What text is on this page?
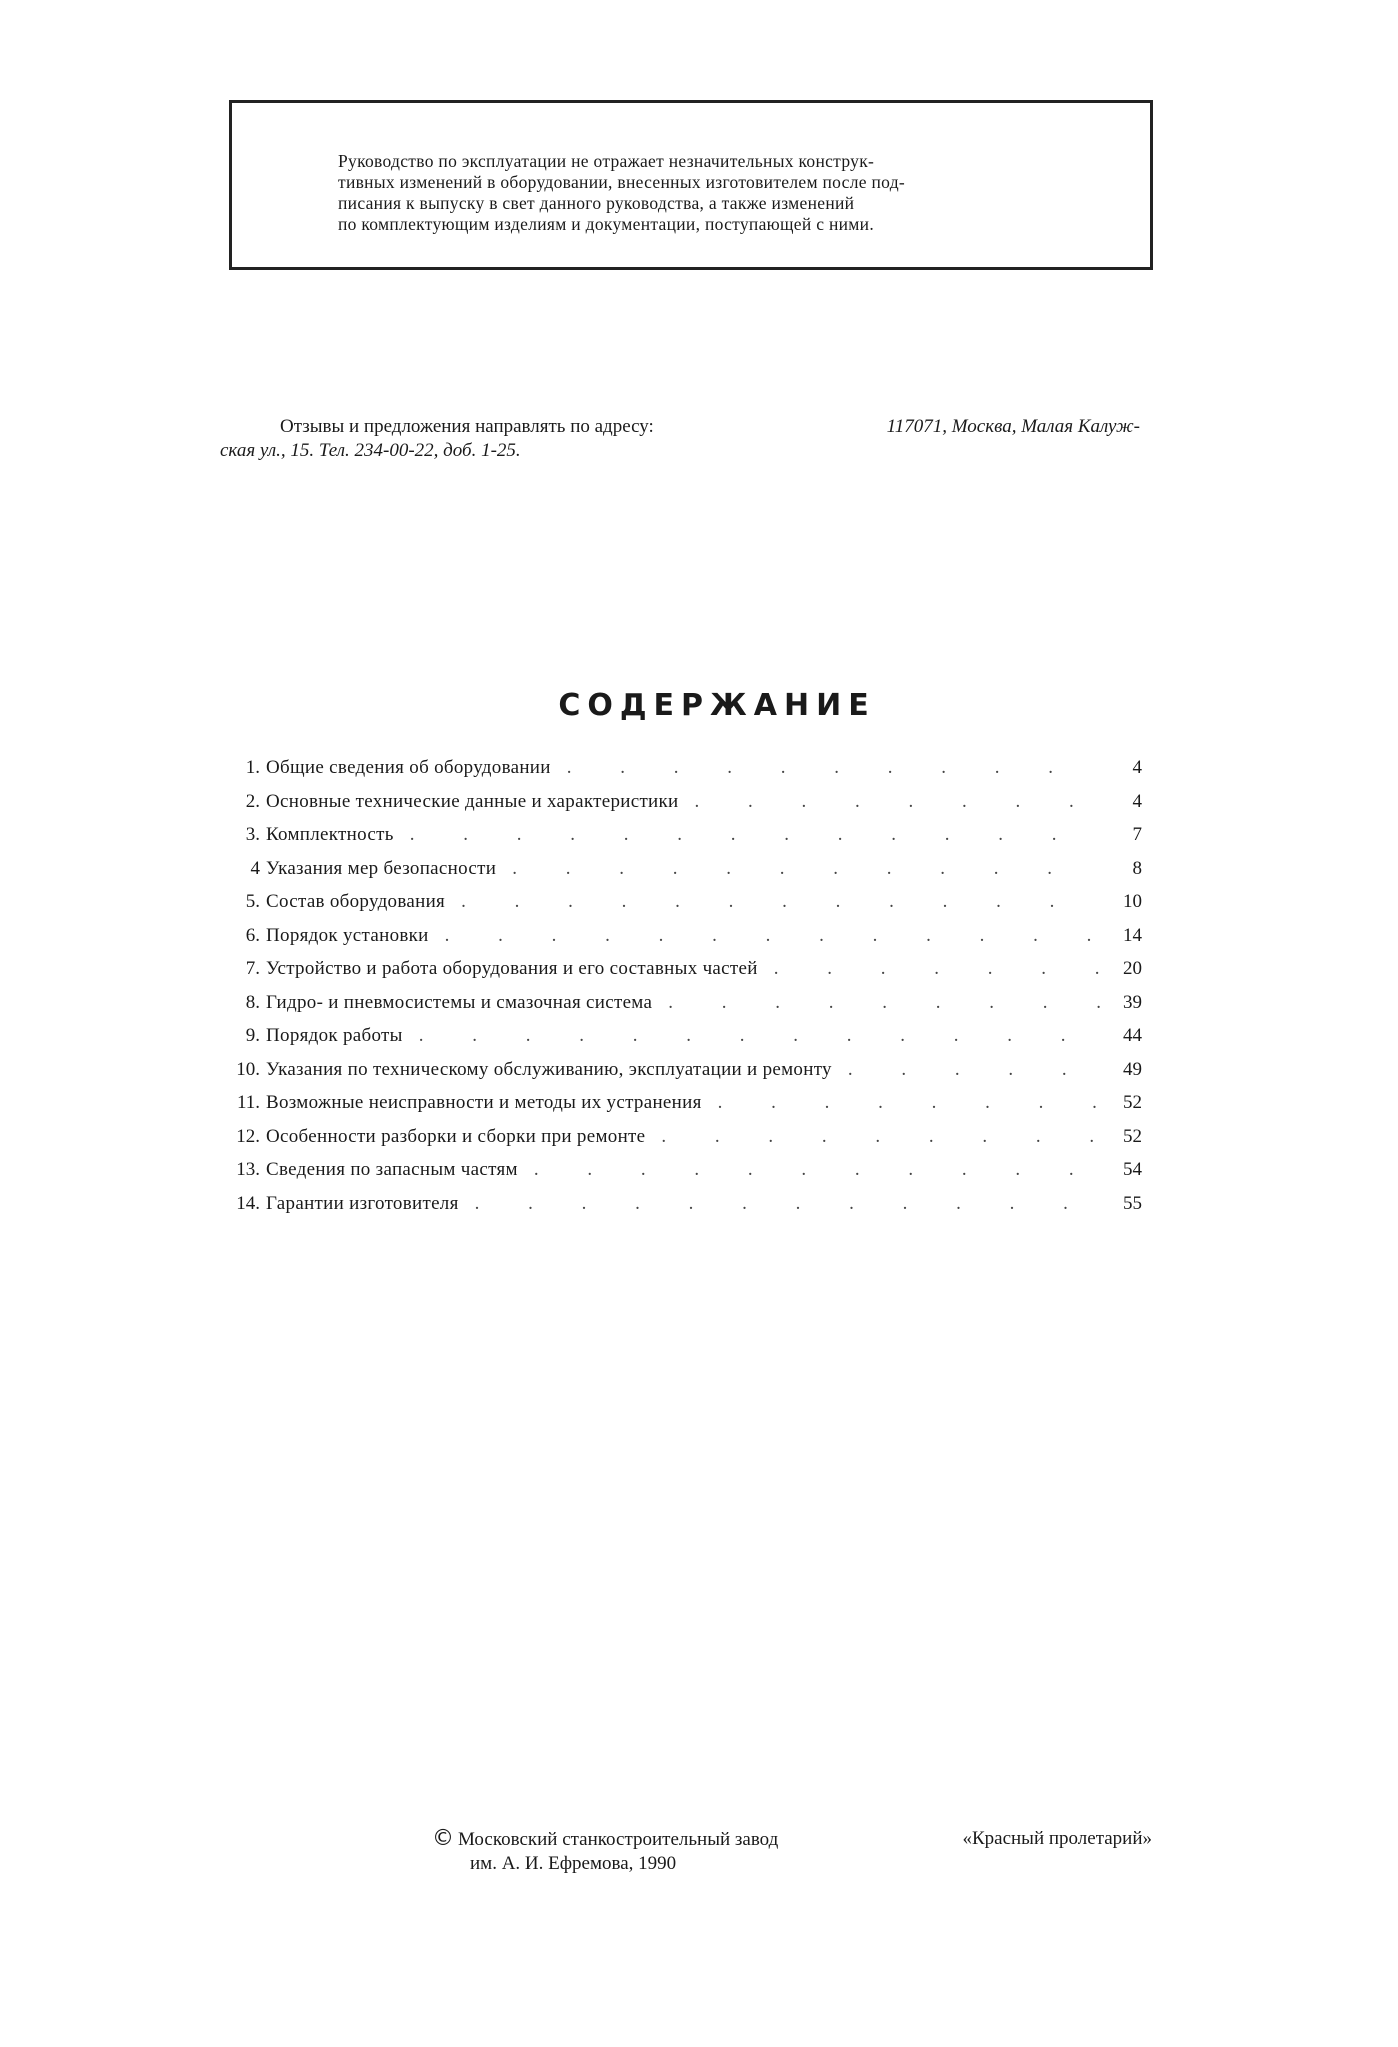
Руководство по эксплуатации не отражает незначительных конструк-
тивных изменений в оборудовании, внесенных изготовителем после под-
писания к выпуску в свет данного руководства, а также изменений
по комплектующим изделиям и документации, поступающей с ними.
Отзывы и предложения направлять по адресу:	117071, Москва, Малая Калуж-
ская ул., 15. Тел. 234-00-22, доб. 1-25.
СОДЕРЖАНИЕ
1. Общие сведения об оборудовании . . .	4
2. Основные технические данные и характеристики . . .	4
3. Комплектность . . .	7
4 Указания мер безопасности . . .	8
5. Состав оборудования . . .	10
6. Порядок установки . . .	14
7. Устройство и работа оборудования и его составных частей . . .	20
8. Гидро- и пневмосистемы и смазочная система . . .	39
9. Порядок работы . . .	44
10. Указания по техническому обслуживанию, эксплуатации и ремонту . . .	49
11. Возможные неисправности и методы их устранения . . .	52
12. Особенности разборки и сборки при ремонте . . .	52
13. Сведения по запасным частям . . .	54
14. Гарантии изготовителя . . .	55
© Московский станкостроительный завод	«Красный пролетарий»
им. А. И. Ефремова, 1990
